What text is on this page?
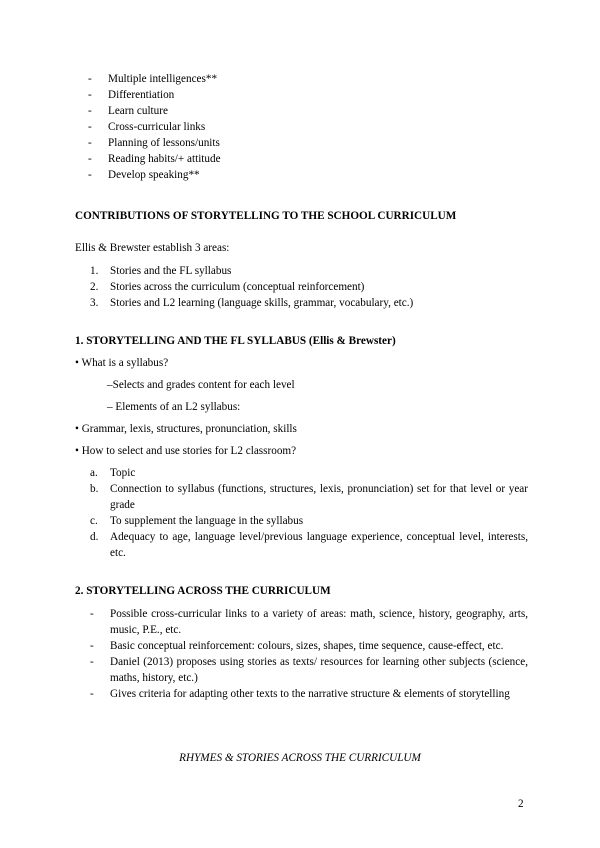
- Multiple intelligences**
- Differentiation
- Learn culture
- Cross-curricular links
- Planning of lessons/units
- Reading habits/+ attitude
- Develop speaking**
CONTRIBUTIONS OF STORYTELLING TO THE SCHOOL CURRICULUM
Ellis & Brewster establish 3 areas:
1. Stories and the FL syllabus
2. Stories across the curriculum (conceptual reinforcement)
3. Stories and L2 learning (language skills, grammar, vocabulary, etc.)
1. STORYTELLING AND THE FL SYLLABUS (Ellis & Brewster)
• What is a syllabus?
–Selects and grades content for each level
– Elements of an L2 syllabus:
• Grammar, lexis, structures, pronunciation, skills
• How to select and use stories for L2 classroom?
a. Topic
b. Connection to syllabus (functions, structures, lexis, pronunciation) set for that level or year grade
c. To supplement the language in the syllabus
d. Adequacy to age, language level/previous language experience, conceptual level, interests, etc.
2. STORYTELLING ACROSS THE CURRICULUM
- Possible cross-curricular links to a variety of areas: math, science, history, geography, arts, music, P.E., etc.
- Basic conceptual reinforcement: colours, sizes, shapes, time sequence, cause-effect, etc.
- Daniel (2013) proposes using stories as texts/ resources for learning other subjects (science, maths, history, etc.)
- Gives criteria for adapting other texts to the narrative structure & elements of storytelling
RHYMES & STORIES ACROSS THE CURRICULUM
2
